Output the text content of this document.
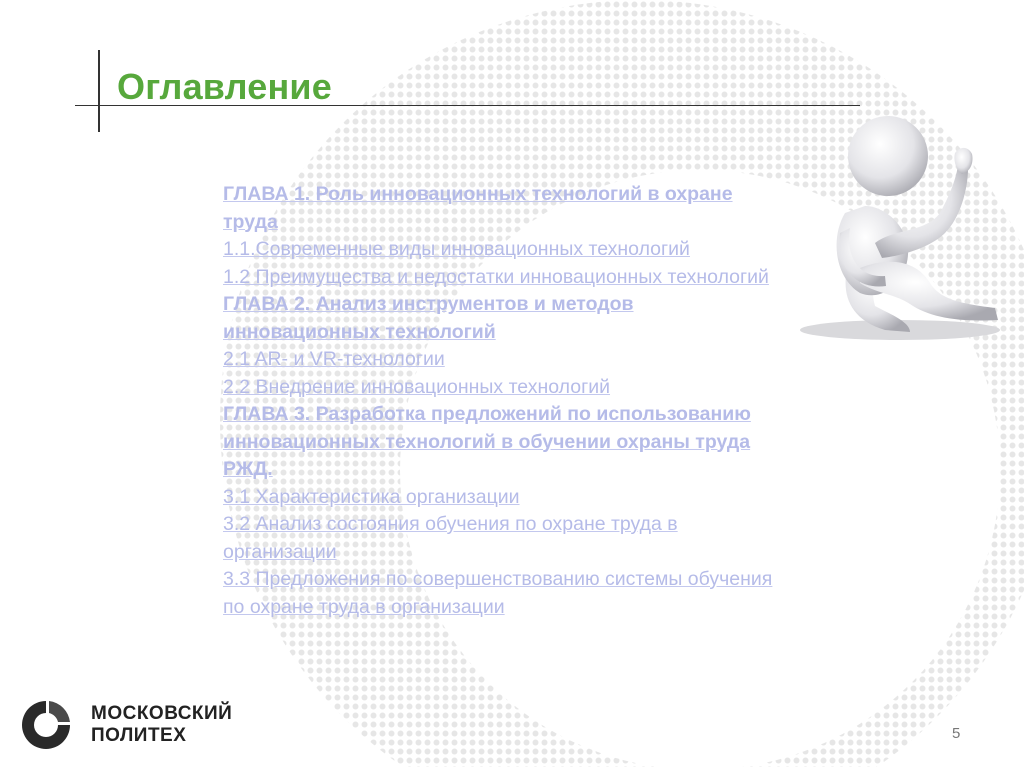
Оглавление
ГЛАВА 1. Роль инновационных технологий в охране труда
1.1.Современные виды инновационных технологий
1.2 Преимущества и недостатки инновационных технологий
ГЛАВА 2. Анализ инструментов и методов инновационных технологий
2.1 AR- и VR-технологии
2.2 Внедрение инновационных технологий
ГЛАВА 3. Разработка предложений по использованию инновационных технологий в обучении охраны труда РЖД.
3.1 Характеристика организации
3.2 Анализ состояния обучения по охране труда в организации
3.3 Предложения по совершенствованию системы обучения по охране труда в организации
МОСКОВСКИЙ
ПОЛИТЕХ	5
